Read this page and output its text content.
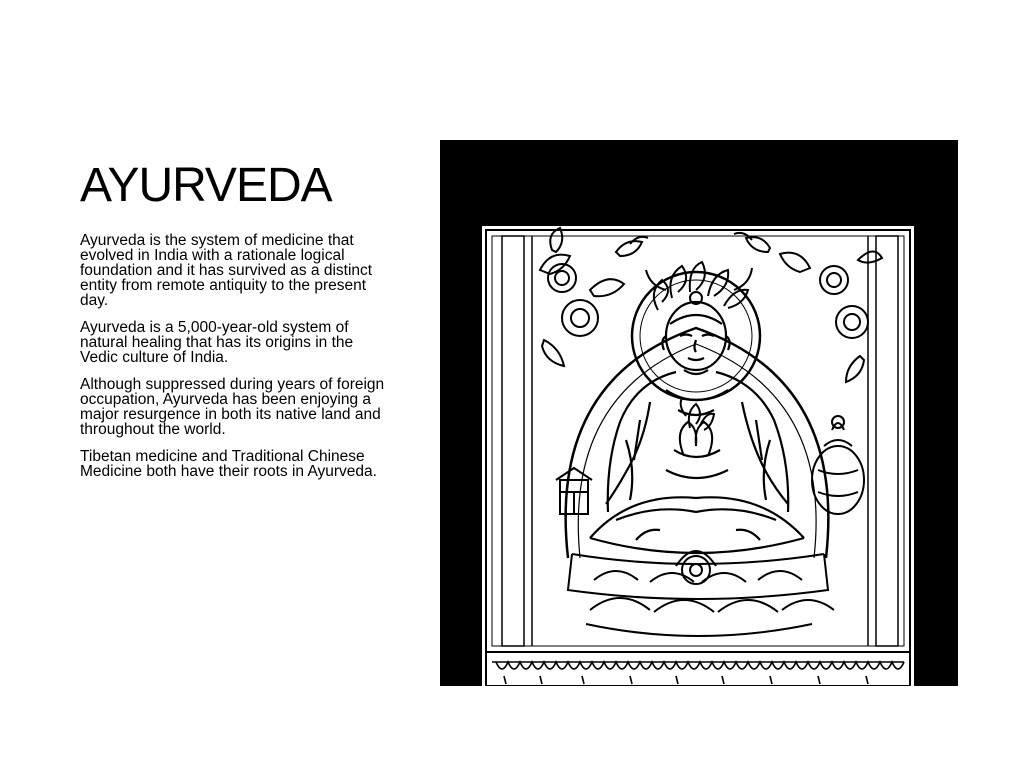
AYURVEDA

Ayurveda is the system of medicine that evolved in India with a rationale logical foundation and it has survived as a distinct entity from remote antiquity to the present day.

Ayurveda is a 5,000-year-old system of natural healing that has its origins in the Vedic culture of India.

Although suppressed during years of foreign occupation, Ayurveda has been enjoying a major resurgence in both its native land and throughout the world.

Tibetan medicine and Traditional Chinese Medicine both have their roots in Ayurveda.
